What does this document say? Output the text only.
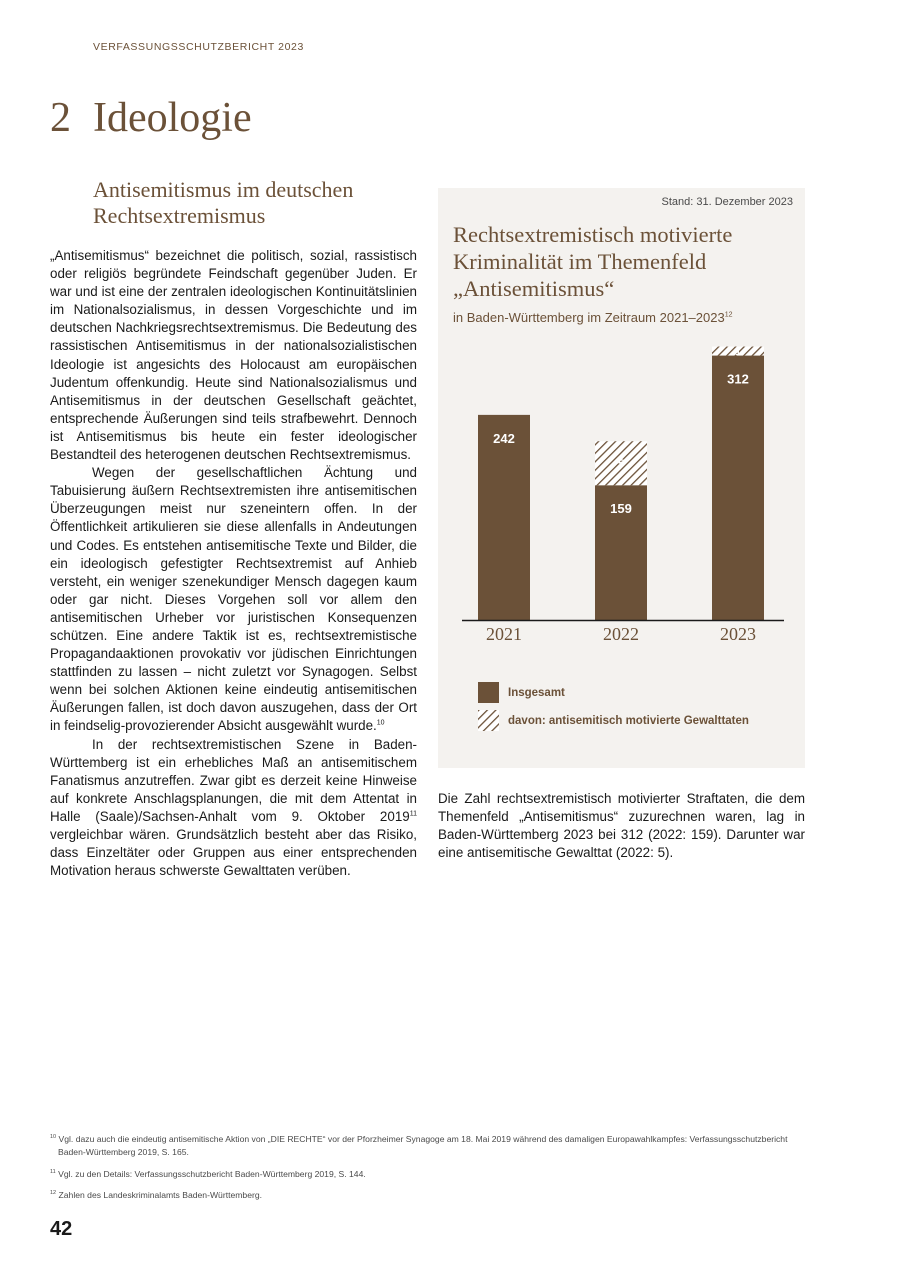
VERFASSUNGSSCHUTZBERICHT 2023
2 Ideologie
Antisemitismus im deutschen Rechtsextremismus

„Antisemitismus“ bezeichnet die politisch, sozial, rassistisch oder religiös begründete Feindschaft gegenüber Juden. Er war und ist eine der zentralen ideologischen Kontinuitätslinien im Nationalsozialismus, in dessen Vorgeschichte und im deutschen Nachkriegsrechtsextremismus. Die Bedeutung des rassistischen Antisemitismus in der nationalsozialistischen Ideologie ist angesichts des Holocaust am europäischen Judentum offenkundig. Heute sind Nationalsozialismus und Antisemitismus in der deutschen Gesellschaft geächtet, entsprechende Äußerungen sind teils strafbewehrt. Dennoch ist Antisemitismus bis heute ein fester ideologischer Bestandteil des heterogenen deutschen Rechtsextremismus.

Wegen der gesellschaftlichen Ächtung und Tabuisierung äußern Rechtsextremisten ihre antisemitischen Überzeugungen meist nur szeneintern offen. In der Öffentlichkeit artikulieren sie diese allenfalls in Andeutungen und Codes. Es entstehen antisemitische Texte und Bilder, die ein ideologisch gefestigter Rechtsextremist auf Anhieb versteht, ein weniger szenekundiger Mensch dagegen kaum oder gar nicht. Dieses Vorgehen soll vor allem den antisemitischen Urheber vor juristischen Konsequenzen schützen. Eine andere Taktik ist es, rechtsextremistische Propagandaaktionen provokativ vor jüdischen Einrichtungen stattfinden zu lassen – nicht zuletzt vor Synagogen. Selbst wenn bei solchen Aktionen keine eindeutig antisemitischen Äußerungen fallen, ist doch davon auszugehen, dass der Ort in feindselig-provozierender Absicht ausgewählt wurde.$^{10}$

In der rechtsextremistischen Szene in Baden-Württemberg ist ein erhebliches Maß an antisemitischem Fanatismus anzutreffen. Zwar gibt es derzeit keine Hinweise auf konkrete Anschlagsplanungen, die mit dem Attentat in Halle (Saale)/Sachsen-Anhalt vom 9. Oktober 2019$^{11}$ vergleichbar wären. Grundsätzlich besteht aber das Risiko, dass Einzeltäter oder Gruppen aus einer entsprechenden Motivation heraus schwerste Gewalttaten verüben.

Stand: 31. Dezember 2023
Rechtsextremistisch motivierte Kriminalität im Themenfeld „Antisemitismus“
in Baden-Württemberg im Zeitraum 2021–2023$^{12}$
242
2021
159
5
2022
312
1
2023
Insgesamt
davon: antisemitisch motivierte Gewalttaten

Die Zahl rechtsextremistisch motivierter Straftaten, die dem Themenfeld „Antisemitismus“ zuzurechnen waren, lag in Baden-Württemberg 2023 bei 312 (2022: 159). Darunter war eine antisemitische Gewalttat (2022: 5).

$^{10}$ Vgl. dazu auch die eindeutig antisemitische Aktion von „DIE RECHTE“ vor der Pforzheimer Synagoge am 18. Mai 2019 während des damaligen Europawahlkampfes: Verfassungsschutzbericht Baden-Württemberg 2019, S. 165.
$^{11}$ Vgl. zu den Details: Verfassungsschutzbericht Baden-Württemberg 2019, S. 144.
$^{12}$ Zahlen des Landeskriminalamts Baden-Württemberg.
42
